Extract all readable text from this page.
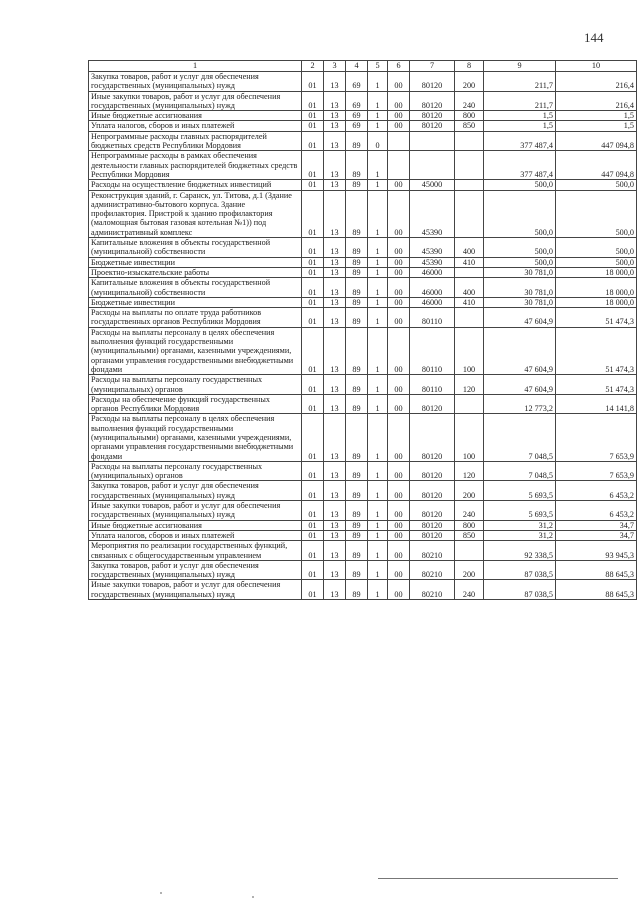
144
1	2	3	4	5	6	7	8	9	10
Закупка товаров, работ и услуг для обеспечения государственных (муниципальных) нужд	01	13	69	1	00	80120	200	211,7	216,4
Иные закупки товаров, работ и услуг для обеспечения государственных (муниципальных) нужд	01	13	69	1	00	80120	240	211,7	216,4
Иные бюджетные ассигнования	01	13	69	1	00	80120	800	1,5	1,5
Уплата налогов, сборов и иных платежей	01	13	69	1	00	80120	850	1,5	1,5
Непрограммные расходы главных распорядителей бюджетных средств Республики Мордовия	01	13	89	0				377 487,4	447 094,8
Непрограммные расходы в рамках обеспечения деятельности главных распорядителей бюджетных средств Республики Мордовия	01	13	89	1				377 487,4	447 094,8
Расходы на осуществление бюджетных инвестиций	01	13	89	1	00	45000		500,0	500,0
Реконструкция зданий, г. Саранск, ул. Титова, д.1 (Здание административно-бытового корпуса. Здание профилактория. Пристрой к зданию профилактория (маломощная бытовая газовая котельная №1)) под административный комплекс	01	13	89	1	00	45390		500,0	500,0
Капитальные вложения в объекты государственной (муниципальной) собственности	01	13	89	1	00	45390	400	500,0	500,0
Бюджетные инвестиции	01	13	89	1	00	45390	410	500,0	500,0
Проектно-изыскательские работы	01	13	89	1	00	46000		30 781,0	18 000,0
Капитальные вложения в объекты государственной (муниципальной) собственности	01	13	89	1	00	46000	400	30 781,0	18 000,0
Бюджетные инвестиции	01	13	89	1	00	46000	410	30 781,0	18 000,0
Расходы на выплаты по оплате труда работников государственных органов Республики Мордовия	01	13	89	1	00	80110		47 604,9	51 474,3
Расходы на выплаты персоналу в целях обеспечения выполнения функций государственными (муниципальными) органами, казенными учреждениями, органами управления государственными внебюджетными фондами	01	13	89	1	00	80110	100	47 604,9	51 474,3
Расходы на выплаты персоналу государственных (муниципальных) органов	01	13	89	1	00	80110	120	47 604,9	51 474,3
Расходы на обеспечение функций государственных органов Республики Мордовия	01	13	89	1	00	80120		12 773,2	14 141,8
Расходы на выплаты персоналу в целях обеспечения выполнения функций государственными (муниципальными) органами, казенными учреждениями, органами управления государственными внебюджетными фондами	01	13	89	1	00	80120	100	7 048,5	7 653,9
Расходы на выплаты персоналу государственных (муниципальных) органов	01	13	89	1	00	80120	120	7 048,5	7 653,9
Закупка товаров, работ и услуг для обеспечения государственных (муниципальных) нужд	01	13	89	1	00	80120	200	5 693,5	6 453,2
Иные закупки товаров, работ и услуг для обеспечения государственных (муниципальных) нужд	01	13	89	1	00	80120	240	5 693,5	6 453,2
Иные бюджетные ассигнования	01	13	89	1	00	80120	800	31,2	34,7
Уплата налогов, сборов и иных платежей	01	13	89	1	00	80120	850	31,2	34,7
Мероприятия по реализации государственных функций, связанных с общегосударственным управлением	01	13	89	1	00	80210		92 338,5	93 945,3
Закупка товаров, работ и услуг для обеспечения государственных (муниципальных) нужд	01	13	89	1	00	80210	200	87 038,5	88 645,3
Иные закупки товаров, работ и услуг для обеспечения государственных (муниципальных) нужд	01	13	89	1	00	80210	240	87 038,5	88 645,3
